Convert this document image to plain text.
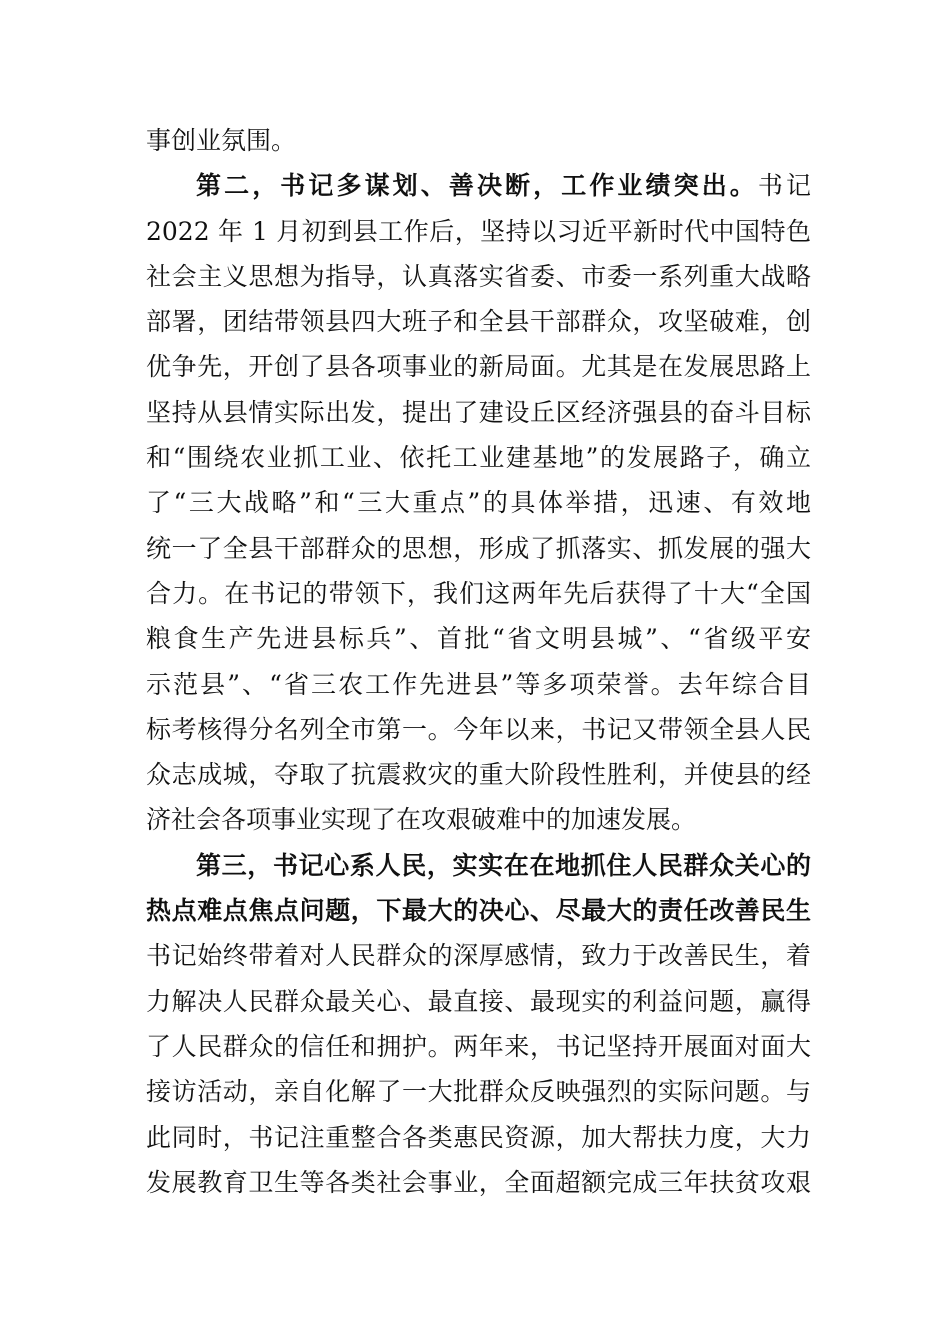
事创业氛围。
第二，书记多谋划、善决断，工作业绩突出。书记
2022 年 1 月初到县工作后，坚持以习近平新时代中国特色
社会主义思想为指导，认真落实省委、市委一系列重大战略
部署，团结带领县四大班子和全县干部群众，攻坚破难，创
优争先，开创了县各项事业的新局面。尤其是在发展思路上
坚持从县情实际出发，提出了建设丘区经济强县的奋斗目标
和“围绕农业抓工业、依托工业建基地”的发展路子，确立
了“三大战略”和“三大重点”的具体举措，迅速、有效地
统一了全县干部群众的思想，形成了抓落实、抓发展的强大
合力。在书记的带领下，我们这两年先后获得了十大“全国
粮食生产先进县标兵”、首批“省文明县城”、“省级平安
示范县”、“省三农工作先进县”等多项荣誉。去年综合目
标考核得分名列全市第一。今年以来，书记又带领全县人民
众志成城，夺取了抗震救灾的重大阶段性胜利，并使县的经
济社会各项事业实现了在攻艰破难中的加速发展。
第三，书记心系人民，实实在在地抓住人民群众关心的
热点难点焦点问题，下最大的决心、尽最大的责任改善民生
书记始终带着对人民群众的深厚感情，致力于改善民生，着
力解决人民群众最关心、最直接、最现实的利益问题，赢得
了人民群众的信任和拥护。两年来，书记坚持开展面对面大
接访活动，亲自化解了一大批群众反映强烈的实际问题。与
此同时，书记注重整合各类惠民资源，加大帮扶力度，大力
发展教育卫生等各类社会事业，全面超额完成三年扶贫攻艰
